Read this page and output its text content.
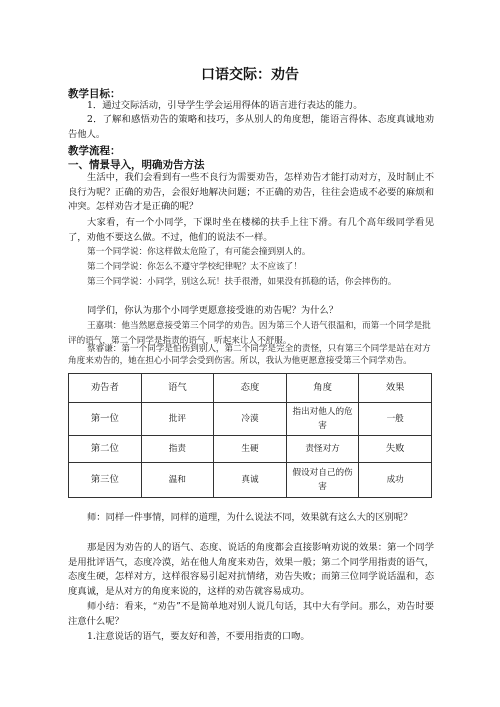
口语交际：劝告
教学目标：
1．通过交际活动，引导学生学会运用得体的语言进行表达的能力。
2．了解和感悟劝告的策略和技巧，多从别人的角度想，能语言得体、态度真诚地劝告他人。
教学流程：
一、情景导入，明确劝告方法
生活中，我们会看到有一些不良行为需要劝告，怎样劝告才能打动对方，及时制止不良行为呢？正确的劝告，会很好地解决问题；不正确的劝告，往往会造成不必要的麻烦和冲突。怎样劝告才是正确的呢？
大家看，有一个小同学，下课时坐在楼梯的扶手上往下滑。有几个高年级同学看见了，劝他不要这么做。不过，他们的说法不一样。
第一个同学说：你这样做太危险了，有可能会撞到别人的。
第二个同学说：你怎么不遵守学校纪律呢？太不应该了！
第三个同学说：小同学，别这么玩！扶手很滑，如果没有抓稳的话，你会摔伤的。
同学们，你认为那个小同学更愿意接受谁的劝告呢？为什么？
王嘉琪：他当然愿意接受第三个同学的劝告。因为第三个人语气很温和，而第一个同学是批评的语气，第二个同学是指责的语气，听起来让人不舒服。
蔡睿谦：第一个同学是怕伤到别人，第二个同学是完全的责怪，只有第三个同学是站在对方角度来劝告的，她在担心小同学会受到伤害。所以，我认为他更愿意接受第三个同学劝告。
劝告者	语气	态度	角度	效果
第一位	批评	冷漠	指出对他人的危害	一般
第二位	指责	生硬	责怪对方	失败
第三位	温和	真诚	假设对自己的伤害	成功
师：同样一件事情，同样的道理，为什么说法不同，效果就有这么大的区别呢？
那是因为劝告的人的语气、态度、说话的角度都会直接影响劝说的效果：第一个同学是用批评语气，态度冷漠，站在他人角度来劝告，效果一般；第二个同学用指责的语气，态度生硬，怎样对方，这样很容易引起对抗情绪，劝告失败；而第三位同学说话温和，态度真诚，是从对方的角度来说的，这样的劝告就容易成功。
师小结：看来，“劝告”不是简单地对别人说几句话，其中大有学问。那么，劝告时要注意什么呢？
1.注意说话的语气，要友好和善，不要用指责的口吻。
